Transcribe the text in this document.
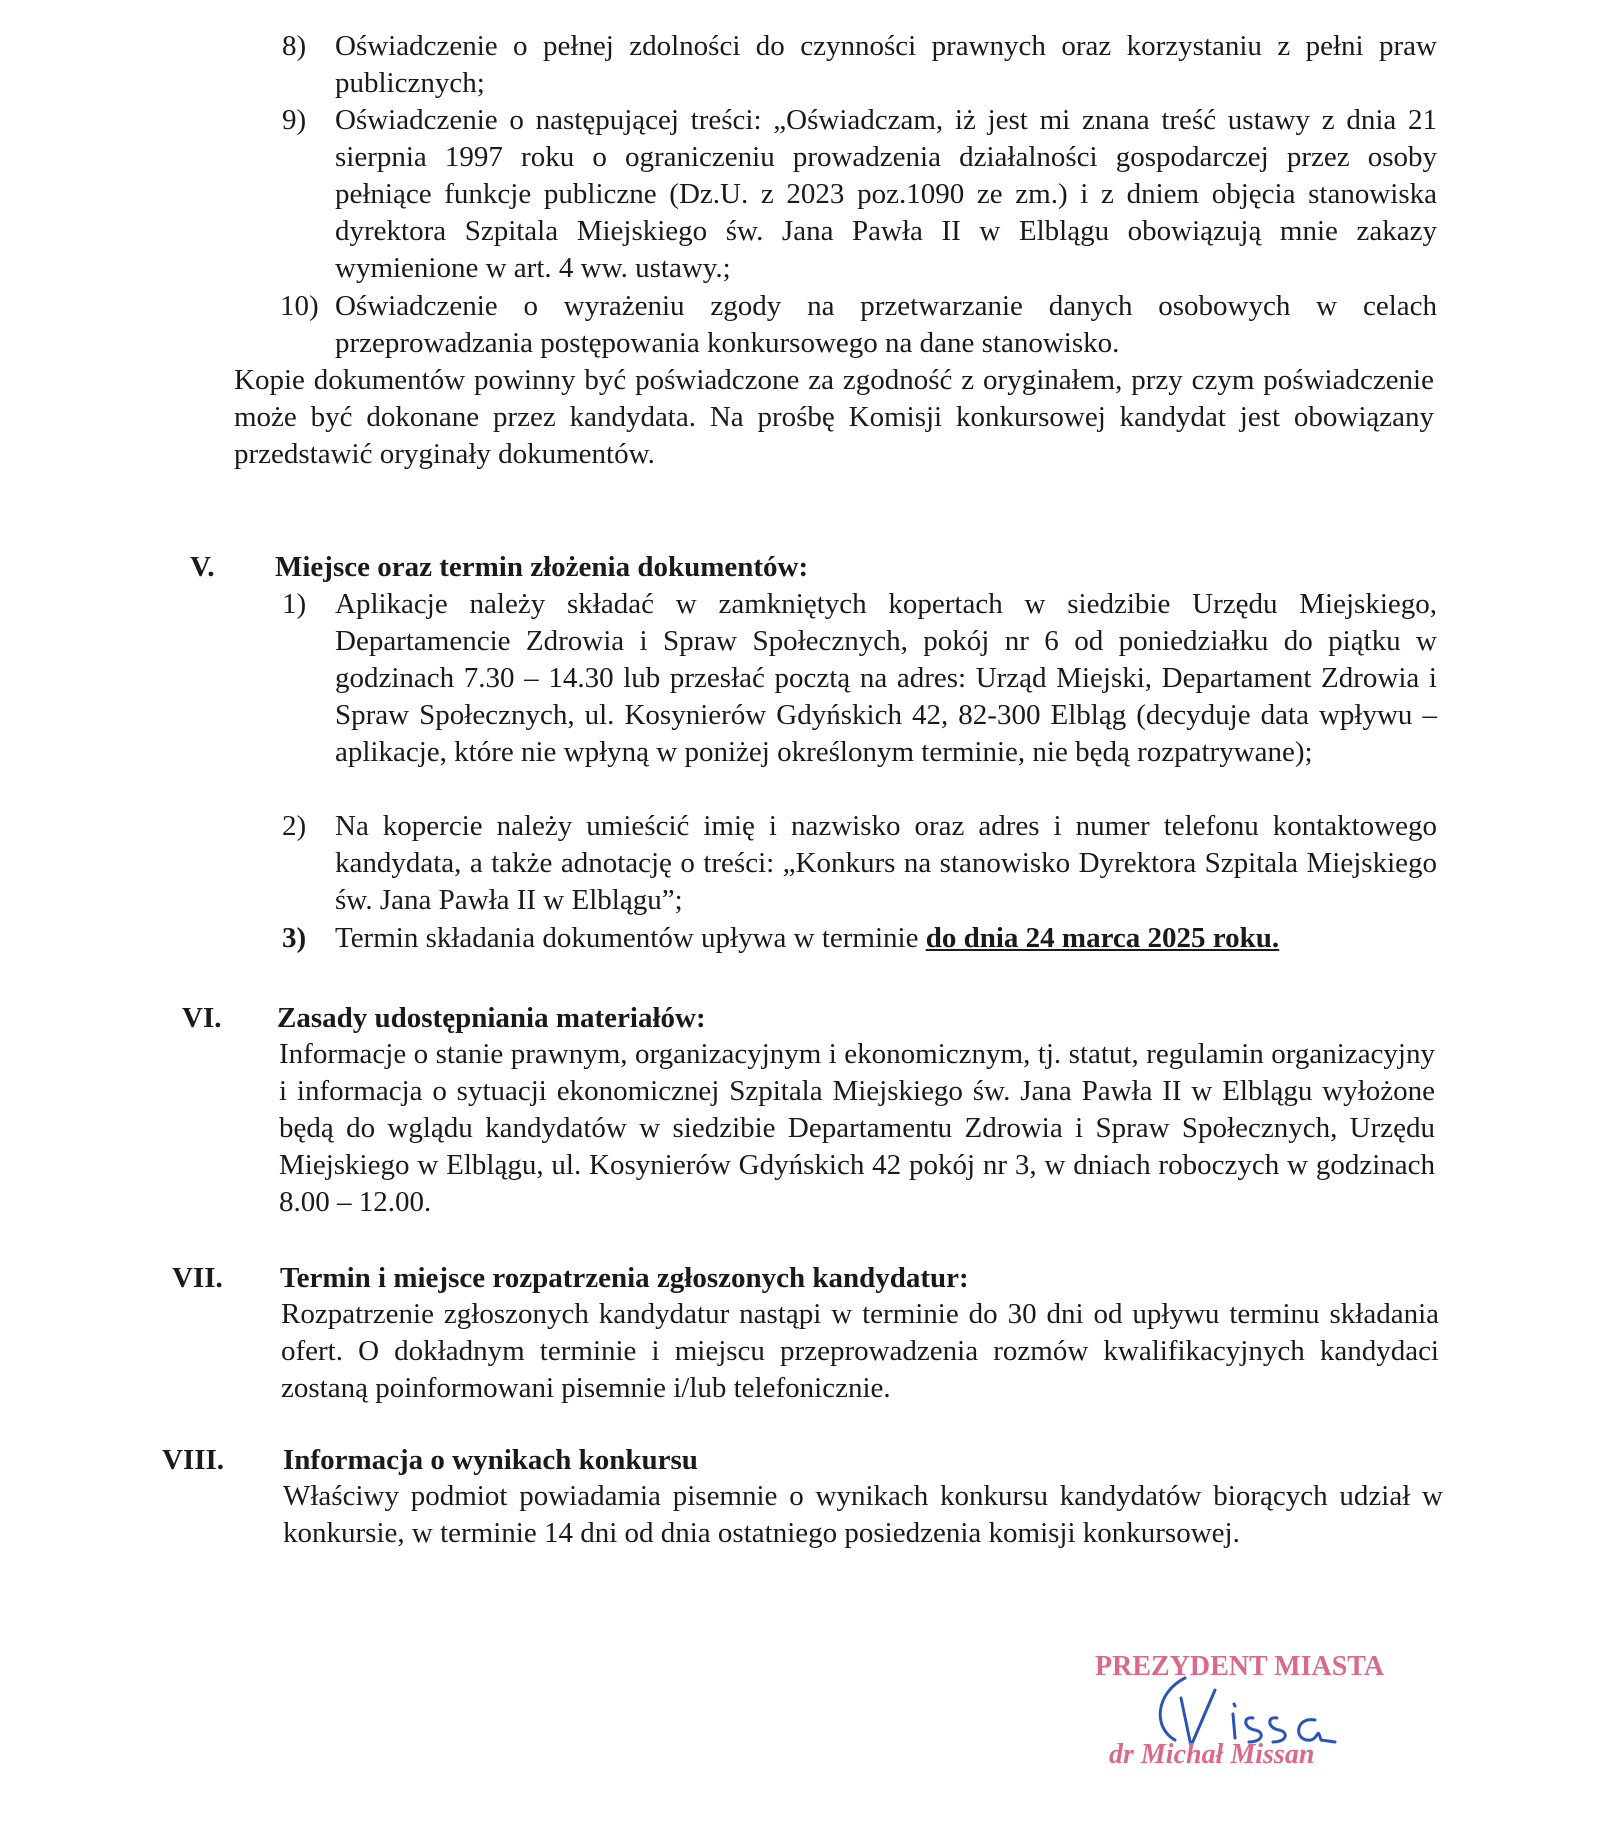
8) Oświadczenie o pełnej zdolności do czynności prawnych oraz korzystaniu z pełni praw publicznych;

9) Oświadczenie o następującej treści: „Oświadczam, iż jest mi znana treść ustawy z dnia 21 sierpnia 1997 roku o ograniczeniu prowadzenia działalności gospodarczej przez osoby pełniące funkcje publiczne (Dz.U. z 2023 poz.1090 ze zm.) i z dniem objęcia stanowiska dyrektora Szpitala Miejskiego św. Jana Pawła II w Elblągu obowiązują mnie zakazy wymienione w art. 4 ww. ustawy.;

10) Oświadczenie o wyrażeniu zgody na przetwarzanie danych osobowych w celach przeprowadzania postępowania konkursowego na dane stanowisko.

Kopie dokumentów powinny być poświadczone za zgodność z oryginałem, przy czym poświadczenie może być dokonane przez kandydata. Na prośbę Komisji konkursowej kandydat jest obowiązany przedstawić oryginały dokumentów.

V. Miejsce oraz termin złożenia dokumentów:
1) Aplikacje należy składać w zamkniętych kopertach w siedzibie Urzędu Miejskiego, Departamencie Zdrowia i Spraw Społecznych, pokój nr 6 od poniedziałku do piątku w godzinach 7.30 – 14.30 lub przesłać pocztą na adres: Urząd Miejski, Departament Zdrowia i Spraw Społecznych, ul. Kosynierów Gdyńskich 42, 82-300 Elbląg (decyduje data wpływu – aplikacje, które nie wpłyną w poniżej określonym terminie, nie będą rozpatrywane);

2) Na kopercie należy umieścić imię i nazwisko oraz adres i numer telefonu kontaktowego kandydata, a także adnotację o treści: „Konkurs na stanowisko Dyrektora Szpitala Miejskiego św. Jana Pawła II w Elblągu”;

3) Termin składania dokumentów upływa w terminie do dnia 24 marca 2025 roku.

VI. Zasady udostępniania materiałów:

Informacje o stanie prawnym, organizacyjnym i ekonomicznym, tj. statut, regulamin organizacyjny i informacja o sytuacji ekonomicznej Szpitala Miejskiego św. Jana Pawła II w Elblągu wyłożone będą do wglądu kandydatów w siedzibie Departamentu Zdrowia i Spraw Społecznych, Urzędu Miejskiego w Elblągu, ul. Kosynierów Gdyńskich 42 pokój nr 3, w dniach roboczych w godzinach 8.00 – 12.00.

VII. Termin i miejsce rozpatrzenia zgłoszonych kandydatur:

Rozpatrzenie zgłoszonych kandydatur nastąpi w terminie do 30 dni od upływu terminu składania ofert. O dokładnym terminie i miejscu przeprowadzenia rozmów kwalifikacyjnych kandydaci zostaną poinformowani pisemnie i/lub telefonicznie.

VIII. Informacja o wynikach konkursu

Właściwy podmiot powiadamia pisemnie o wynikach konkursu kandydatów biorących udział w konkursie, w terminie 14 dni od dnia ostatniego posiedzenia komisji konkursowej.

PREZYDENT MIASTA
dr Michał Missan
